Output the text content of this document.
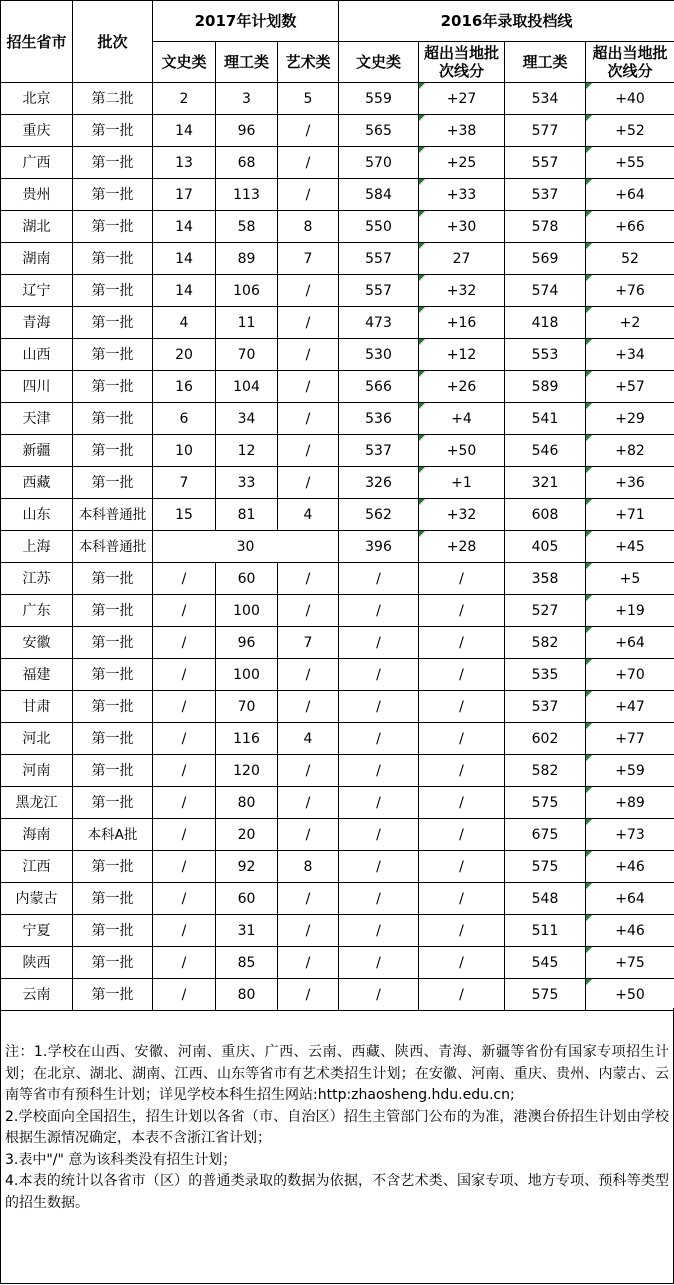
招生省市	批次	2017年计划数			2016年录取投档线			
		文史类	理工类	艺术类	文史类	超出当地批次线分	理工类	超出当地批次线分
北京	第二批	2	3	5	559	+27	534	+40
重庆	第一批	14	96	/	565	+38	577	+52
广西	第一批	13	68	/	570	+25	557	+55
贵州	第一批	17	113	/	584	+33	537	+64
湖北	第一批	14	58	8	550	+30	578	+66
湖南	第一批	14	89	7	557	27	569	52
辽宁	第一批	14	106	/	557	+32	574	+76
青海	第一批	4	11	/	473	+16	418	+2
山西	第一批	20	70	/	530	+12	553	+34
四川	第一批	16	104	/	566	+26	589	+57
天津	第一批	6	34	/	536	+4	541	+29
新疆	第一批	10	12	/	537	+50	546	+82
西藏	第一批	7	33	/	326	+1	321	+36
山东	本科普通批	15	81	4	562	+32	608	+71
上海	本科普通批	30			396	+28	405	+45
江苏	第一批	/	60	/	/	/	358	+5
广东	第一批	/	100	/	/	/	527	+19
安徽	第一批	/	96	7	/	/	582	+64
福建	第一批	/	100	/	/	/	535	+70
甘肃	第一批	/	70	/	/	/	537	+47
河北	第一批	/	116	4	/	/	602	+77
河南	第一批	/	120	/	/	/	582	+59
黑龙江	第一批	/	80	/	/	/	575	+89
海南	本科A批	/	20	/	/	/	675	+73
江西	第一批	/	92	8	/	/	575	+46
内蒙古	第一批	/	60	/	/	/	548	+64
宁夏	第一批	/	31	/	/	/	511	+46
陕西	第一批	/	85	/	/	/	545	+75
云南	第一批	/	80	/	/	/	575	+50

注：1.学校在山西、安徽、河南、重庆、广西、云南、西藏、陕西、青海、新疆等省份有国家专项招生计划；在北京、湖北、湖南、江西、山东等省市有艺术类招生计划；在安徽、河南、重庆、贵州、内蒙古、云南等省市有预科生计划；详见学校本科生招生网站:http:zhaosheng.hdu.edu.cn;

2.学校面向全国招生，招生计划以各省（市、自治区）招生主管部门公布的为准，港澳台侨招生计划由学校根据生源情况确定，本表不含浙江省计划；

3.表中"/" 意为该科类没有招生计划；

4.本表的统计以各省市（区）的普通类录取的数据为依据，不含艺术类、国家专项、地方专项、预科等类型的招生数据。
